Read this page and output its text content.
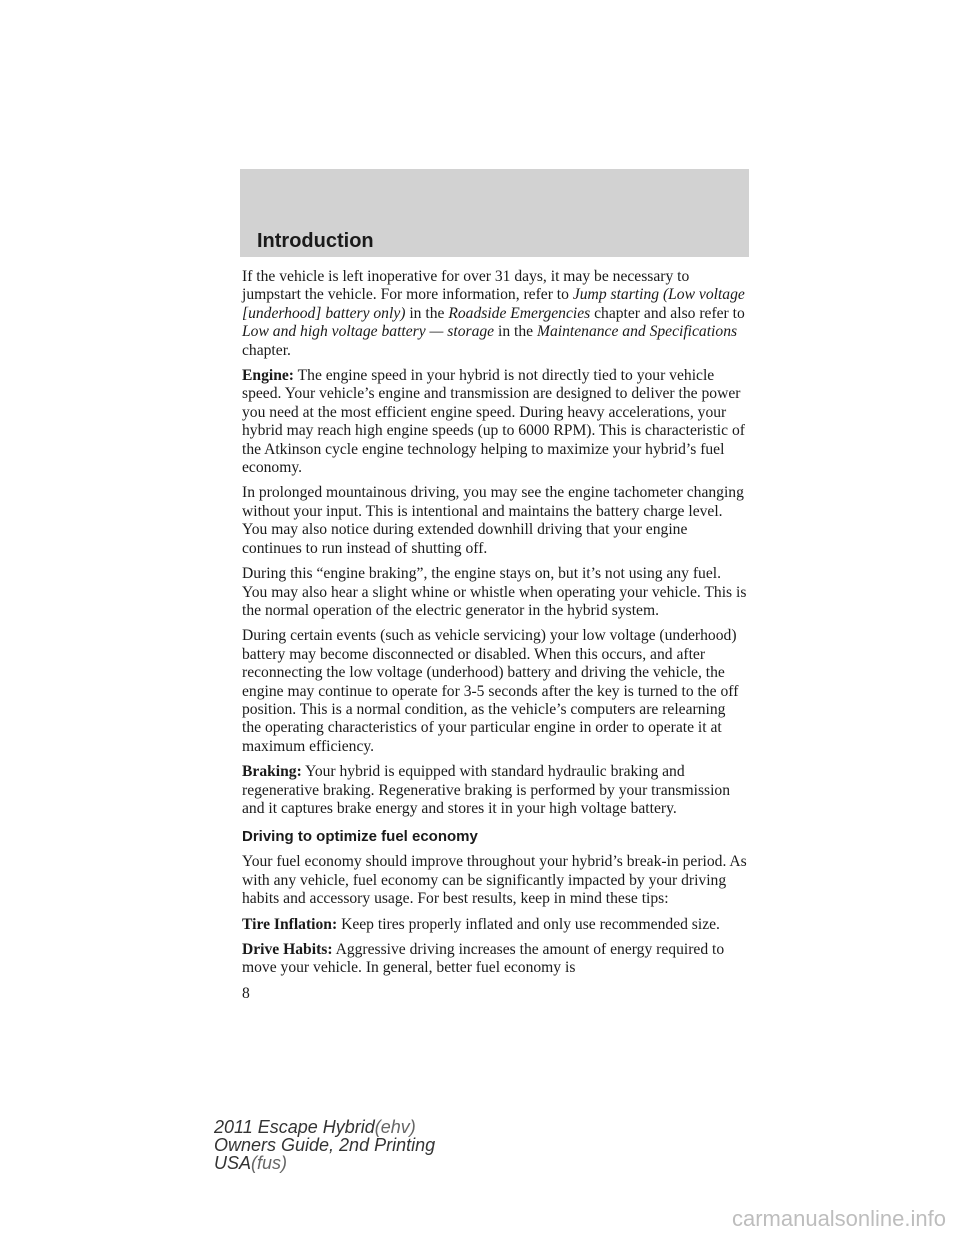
Introduction

If the vehicle is left inoperative for over 31 days, it may be necessary to jumpstart the vehicle. For more information, refer to Jump starting (Low voltage [underhood] battery only) in the Roadside Emergencies chapter and also refer to Low and high voltage battery — storage in the Maintenance and Specifications chapter.

Engine: The engine speed in your hybrid is not directly tied to your vehicle speed. Your vehicle’s engine and transmission are designed to deliver the power you need at the most efficient engine speed. During heavy accelerations, your hybrid may reach high engine speeds (up to 6000 RPM). This is characteristic of the Atkinson cycle engine technology helping to maximize your hybrid’s fuel economy.

In prolonged mountainous driving, you may see the engine tachometer changing without your input. This is intentional and maintains the battery charge level. You may also notice during extended downhill driving that your engine continues to run instead of shutting off.

During this “engine braking”, the engine stays on, but it’s not using any fuel. You may also hear a slight whine or whistle when operating your vehicle. This is the normal operation of the electric generator in the hybrid system.

During certain events (such as vehicle servicing) your low voltage (underhood) battery may become disconnected or disabled. When this occurs, and after reconnecting the low voltage (underhood) battery and driving the vehicle, the engine may continue to operate for 3-5 seconds after the key is turned to the off position. This is a normal condition, as the vehicle’s computers are relearning the operating characteristics of your particular engine in order to operate it at maximum efficiency.

Braking: Your hybrid is equipped with standard hydraulic braking and regenerative braking. Regenerative braking is performed by your transmission and it captures brake energy and stores it in your high voltage battery.

Driving to optimize fuel economy

Your fuel economy should improve throughout your hybrid’s break-in period. As with any vehicle, fuel economy can be significantly impacted by your driving habits and accessory usage. For best results, keep in mind these tips:

Tire Inflation: Keep tires properly inflated and only use recommended size.

Drive Habits: Aggressive driving increases the amount of energy required to move your vehicle. In general, better fuel economy is

8
2011 Escape Hybrid(ehv)
Owners Guide, 2nd Printing
USA(fus)
carmanualsonline.info
